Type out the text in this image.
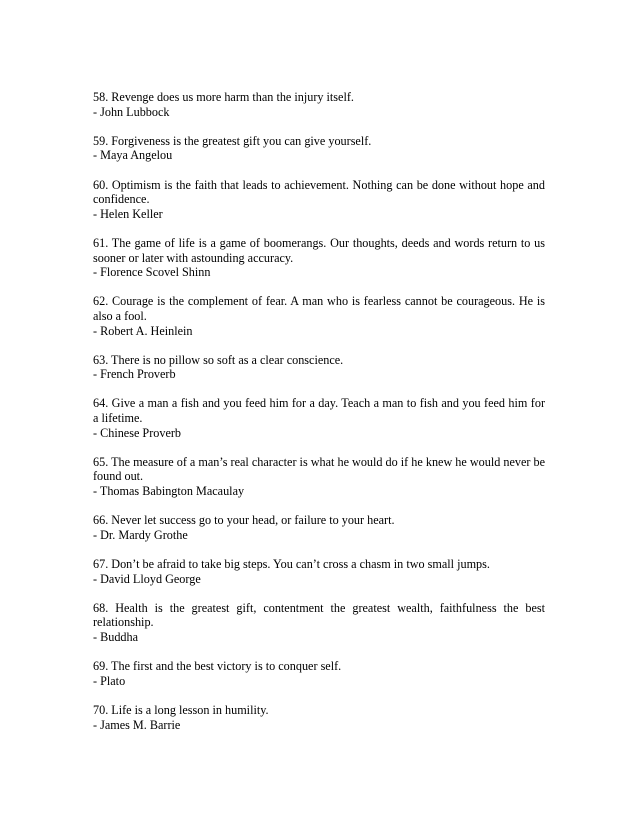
58. Revenge does us more harm than the injury itself.

- John Lubbock

59. Forgiveness is the greatest gift you can give yourself.

- Maya Angelou

60. Optimism is the faith that leads to achievement. Nothing can be done without hope and confidence.

- Helen Keller

61. The game of life is a game of boomerangs. Our thoughts, deeds and words return to us sooner or later with astounding accuracy.

- Florence Scovel Shinn

62. Courage is the complement of fear. A man who is fearless cannot be courageous. He is also a fool.

- Robert A. Heinlein

63. There is no pillow so soft as a clear conscience.

- French Proverb

64. Give a man a fish and you feed him for a day. Teach a man to fish and you feed him for a lifetime.

- Chinese Proverb

65. The measure of a man’s real character is what he would do if he knew he would never be found out.

- Thomas Babington Macaulay

66. Never let success go to your head, or failure to your heart.

- Dr. Mardy Grothe

67. Don’t be afraid to take big steps. You can’t cross a chasm in two small jumps.

- David Lloyd George

68. Health is the greatest gift, contentment the greatest wealth, faithfulness the best relationship.

- Buddha

69. The first and the best victory is to conquer self.

- Plato

70. Life is a long lesson in humility.

- James M. Barrie
